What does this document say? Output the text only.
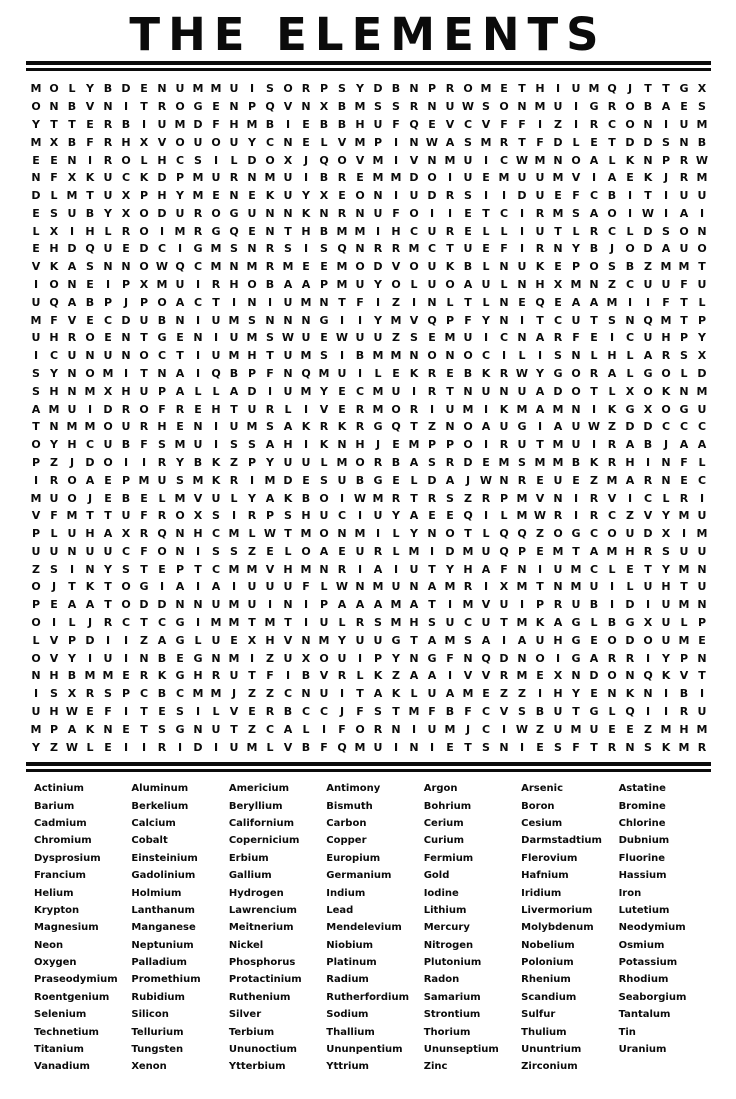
THE ELEMENTS
M O L Y B D E N U M M U	I	S O R P S Y D B N P R O M E T H	I	U M Q	J	T T G X
O N B V N	I	T R O G E N P Q V N X B M S S R N U W S O N M U	I	G R O B A E S
Y T T E R B	I	U M D F H M B	I	E B B H U F Q E V C V F F	I	Z	I	R C O N	I	U M
M X B F R H X V O U O U Y C N E L V M P	I	N W A S M R T F D L E T D D S N B
E E N	I	R O L H C S	I	L D O X	J	Q O V M I	V N M U	I	C W M N O A L K N P R W
N F X K U C K D P M U R N M U	I	B R E M M D O	I	U E M U U M V	I	A E K	J	R M
D L M T U X P H Y M E N E K U Y X E O N	I	U D R S	I	I	D U E F C B	I	T	I	U U
E S U B Y X O D U R O G U N N K N R N U F O	I	I	E T C	I	R M S A O	I W I	A	I
L X	I	H L R O	I M R G Q E N T H B M M I	H C U R E L L	I	U T L R C L D S O N
E H D Q U E D C	I	G M S N R S	I	S Q N R R M C T U E F	I	R N Y B	J	O D A U O
V K A S N N O W Q C M N M R M E E M O D V O U K B L N U K E P O S B Z M M T
I	O N E	I	P X M U	I	R H O B A A P M U Y O L U O A U L N H X M N Z C U U F U
U Q A B P	J	P O A C T	I	N	I	U M N T F	I	Z	I	N L T L N E Q E A A M I	I	F T L
M F V E C D U B N	I	U M S N N N G	I	I	Y M V Q P F Y N	I	T C U T S N Q M T P
U H R O E N T G E N	I	U M S W U E W U U Z S E M U	I	C N A R F E	I	C U H P Y
I	C U N U N O C T	I	U M H T U M S	I	B M M N O N O C	I	L	I	S N L H L A R S X
S Y N O M I	T N A	I	Q B P F N Q M U	I	L E K R E B K R W Y G O R A L G O L D
S H N M X H U P A L L A D	I	U M Y E C M U	I	R T N U N U A D O T L X O K N M
A M U	I	D R O F R E H T U R L	I	V E R M O R	I	U M I	K M A M N	I	K G X O G U
T N M M O U R H E N	I	U M S A K R K R G Q T Z N O A U G	I	A U W Z D D C C C
O Y H C U B F S M U	I	S S A H	I	K N H	J	E M P P O	I	R U T M U	I	R A B	J	A A
P Z	J	D O	I	I	R Y B K Z P Y U U L M O R B A S R D E M S M M B K R H	I	N F L
I	R O A E P M U S M K R	I M D E S U B G E L D A	J W N R E U E Z M A R N E C
M U O	J	E B E L M V U L Y A K B O	I W M R T R S Z R P M V N	I	R V	I	C L R	I
V F M T T U F R O X S	I	R P S H U C	I	U Y A E E Q	I	L M W R	I	R C Z V Y M U
P L U H A X R Q N H C M L W T M O N M I	L Y N O T L Q Q Z O G C O U D X	I M
U U N U U C F O N	I	S S Z E L O A E U R L M I	D M U Q P E M T A M H R S U U
Z S	I	N Y S T E P T C M M V H M N R	I	A	I	U T Y H A F N	I	U M C L E T Y M N
O	J	T K T O G	I	A	I	A	I	U U U F L W N M U N A M R	I	X M T N M U	I	L U H T U
P E A A T O D D N N U M U	I	N	I	P A A A M A T	I M V U	I	P R U B	I	D	I	U M N
O	I	L	J	R C T C G	I M M T M T	I	U L R S M H S U C U T M K A G L B G X U L P
L V P D	I	I	Z A G L U E X H V N M Y U U G T A M S A	I	A U H G E O D O U M E
O V Y	I	U	I	N B E G N M I	Z U X O U	I	P Y N G F N Q D N O	I	G A R R	I	Y P N
N H B M M E R K G H R U T F	I	B V R L K Z A A	I	V V R M E X N D O N Q K V T
I	S X R S P C B C M M J	Z Z C N U	I	T A K L U A M E Z Z	I	H Y E N K N	I	B	I
U H W E F	I	T E S	I	L V E R B C C	J	F S T M F B F C V S B U T G L Q	I	I	R U
M P A K N E T S G N U T Z C A L	I	F O R N	I	U M J	C	I W Z U M U E E Z M H M
Y Z W L E	I	I	R	I	D	I	U M L V B F Q M U	I	N	I	E T S N	I	E S F T R N S K M R
Actinium	Aluminum	Americium	Antimony	Argon	Arsenic	Astatine
Barium	Berkelium	Beryllium	Bismuth	Bohrium	Boron	Bromine
Cadmium	Calcium	Californium	Carbon	Cerium	Cesium	Chlorine
Chromium	Cobalt	Copernicium	Copper	Curium	Darmstadtium	Dubnium
Dysprosium	Einsteinium	Erbium	Europium	Fermium	Flerovium	Fluorine
Francium	Gadolinium	Gallium	Germanium	Gold	Hafnium	Hassium
Helium	Holmium	Hydrogen	Indium	Iodine	Iridium	Iron
Krypton	Lanthanum	Lawrencium	Lead	Lithium	Livermorium	Lutetium
Magnesium	Manganese	Meitnerium	Mendelevium	Mercury	Molybdenum	Neodymium
Neon	Neptunium	Nickel	Niobium	Nitrogen	Nobelium	Osmium
Oxygen	Palladium	Phosphorus	Platinum	Plutonium	Polonium	Potassium
Praseodymium	Promethium	Protactinium	Radium	Radon	Rhenium	Rhodium
Roentgenium	Rubidium	Ruthenium	Rutherfordium	Samarium	Scandium	Seaborgium
Selenium	Silicon	Silver	Sodium	Strontium	Sulfur	Tantalum
Technetium	Tellurium	Terbium	Thallium	Thorium	Thulium	Tin
Titanium	Tungsten	Ununoctium	Ununpentium	Ununseptium	Ununtrium	Uranium
Vanadium	Xenon	Ytterbium	Yttrium	Zinc	Zirconium
